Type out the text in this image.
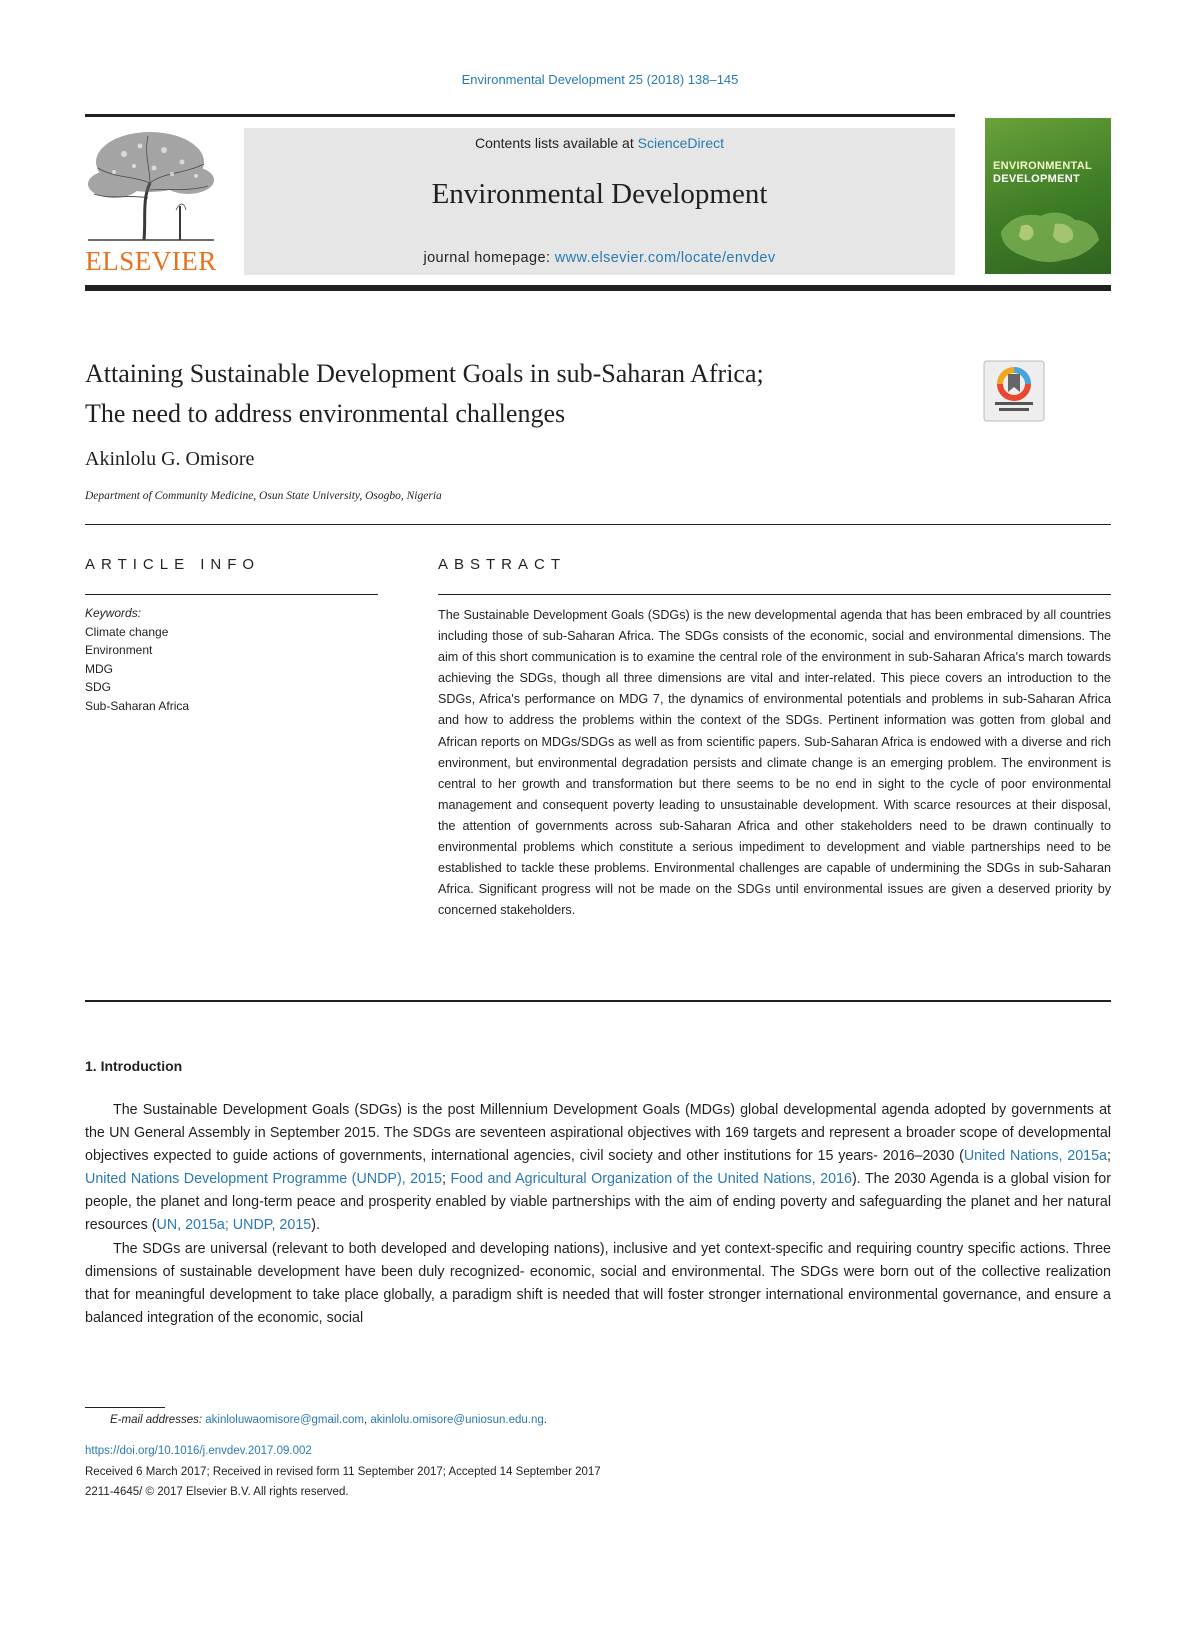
Environmental Development 25 (2018) 138–145
ELSEVIER
Contents lists available at ScienceDirect
Environmental Development
journal homepage: www.elsevier.com/locate/envdev
ENVIRONMENTAL
DEVELOPMENT
Attaining Sustainable Development Goals in sub-Saharan Africa;
The need to address environmental challenges
Akinlolu G. Omisore
Department of Community Medicine, Osun State University, Osogbo, Nigeria
ARTICLE INFO
Keywords:
Climate change
Environment
MDG
SDG
Sub-Saharan Africa
ABSTRACT
The Sustainable Development Goals (SDGs) is the new developmental agenda that has been embraced by all countries including those of sub-Saharan Africa. The SDGs consists of the economic, social and environmental dimensions. The aim of this short communication is to examine the central role of the environment in sub-Saharan Africa's march towards achieving the SDGs, though all three dimensions are vital and inter-related. This piece covers an introduction to the SDGs, Africa's performance on MDG 7, the dynamics of environmental potentials and problems in sub-Saharan Africa and how to address the problems within the context of the SDGs. Pertinent information was gotten from global and African reports on MDGs/SDGs as well as from scientific papers. Sub-Saharan Africa is endowed with a diverse and rich environment, but environmental degradation persists and climate change is an emerging problem. The environment is central to her growth and transformation but there seems to be no end in sight to the cycle of poor environmental management and consequent poverty leading to unsustainable development. With scarce resources at their disposal, the attention of governments across sub-Saharan Africa and other stakeholders need to be drawn continually to environmental problems which constitute a serious impediment to development and viable partnerships need to be established to tackle these problems. Environmental challenges are capable of undermining the SDGs in sub-Saharan Africa. Significant progress will not be made on the SDGs until environmental issues are given a deserved priority by concerned stakeholders.
1. Introduction

The Sustainable Development Goals (SDGs) is the post Millennium Development Goals (MDGs) global developmental agenda adopted by governments at the UN General Assembly in September 2015. The SDGs are seventeen aspirational objectives with 169 targets and represent a broader scope of developmental objectives expected to guide actions of governments, international agencies, civil society and other institutions for 15 years- 2016–2030 (United Nations, 2015a; United Nations Development Programme (UNDP), 2015; Food and Agricultural Organization of the United Nations, 2016). The 2030 Agenda is a global vision for people, the planet and long-term peace and prosperity enabled by viable partnerships with the aim of ending poverty and safeguarding the planet and her natural resources (UN, 2015a; UNDP, 2015).

The SDGs are universal (relevant to both developed and developing nations), inclusive and yet context-specific and requiring country specific actions. Three dimensions of sustainable development have been duly recognized- economic, social and environmental. The SDGs were born out of the collective realization that for meaningful development to take place globally, a paradigm shift is needed that will foster stronger international environmental governance, and ensure a balanced integration of the economic, social

E-mail addresses: akinloluwaomisore@gmail.com, akinlolu.omisore@uniosun.edu.ng.
https://doi.org/10.1016/j.envdev.2017.09.002
Received 6 March 2017; Received in revised form 11 September 2017; Accepted 14 September 2017
2211-4645/ © 2017 Elsevier B.V. All rights reserved.
